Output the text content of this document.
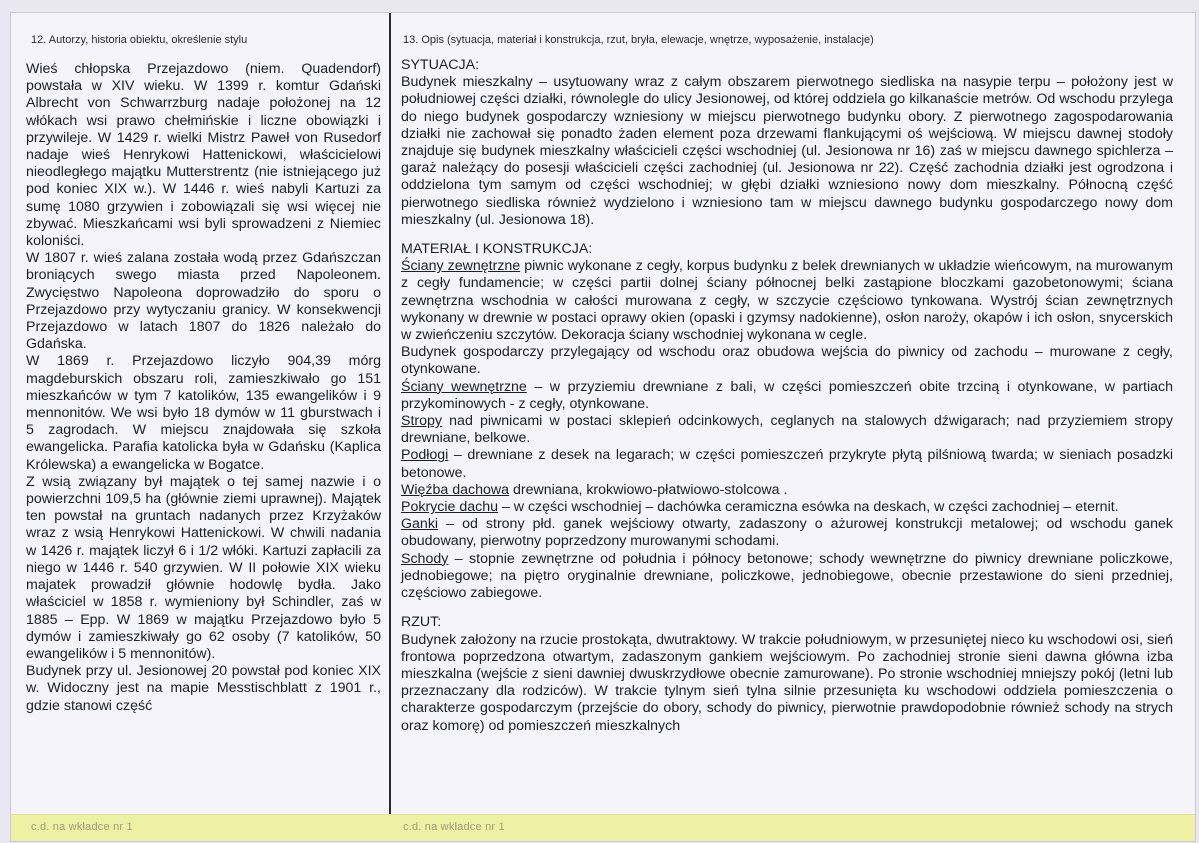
12. Autorzy, historia obiektu, określenie stylu

Wieś chłopska Przejazdowo (niem. Quadendorf) powstała w XIV wieku. W 1399 r. komtur Gdański Albrecht von Schwarrzburg nadaje położonej na 12 włókach wsi prawo chełmińskie i liczne obowiązki i przywileje. W 1429 r. wielki Mistrz Paweł von Rusedorf nadaje wieś Henrykowi Hattenickowi, właścicielowi nieodległego majątku Mutterstrentz (nie istniejącego już pod koniec XIX w.). W 1446 r. wieś nabyli Kartuzi za sumę 1080 grzywien i zobowiązali się wsi więcej nie zbywać. Mieszkańcami wsi byli sprowadzeni z Niemiec koloniści.

W 1807 r. wieś zalana została wodą przez Gdańszczan broniących swego miasta przed Napoleonem. Zwycięstwo Napoleona doprowadziło do sporu o Przejazdowo przy wytyczaniu granicy. W konsekwencji Przejazdowo w latach 1807 do 1826 należało do Gdańska.

W 1869 r. Przejazdowo liczyło 904,39 mórg magdeburskich obszaru roli, zamieszkiwało go 151 mieszkańców w tym 7 katolików, 135 ewangelików i 9 mennonitów. We wsi było 18 dymów w 11 gburstwach i 5 zagrodach. W miejscu znajdowała się szkoła ewangelicka. Parafia katolicka była w Gdańsku (Kaplica Królewska) a ewangelicka w Bogatce.

Z wsią związany był majątek o tej samej nazwie i o powierzchni 109,5 ha (głównie ziemi uprawnej). Majątek ten powstał na gruntach nadanych przez Krzyżaków wraz z wsią Henrykowi Hattenickowi. W chwili nadania w 1426 r. majątek liczył 6 i 1/2 włóki. Kartuzi zapłacili za niego w 1446 r. 540 grzywien. W II połowie XIX wieku majatek prowadził głównie hodowlę bydła. Jako właściciel w 1858 r. wymieniony był Schindler, zaś w 1885 – Epp. W 1869 w majątku Przejazdowo było 5 dymów i zamieszkiwały go 62 osoby (7 katolików, 50 ewangelików i 5 mennonitów).

Budynek przy ul. Jesionowej 20 powstał pod koniec XIX w. Widoczny jest na mapie Messtischblatt z 1901 r., gdzie stanowi część

13. Opis (sytuacja, materiał i konstrukcja, rzut, bryła, elewacje, wnętrze, wyposażenie, instalacje)

SYTUACJA:

Budynek mieszkalny – usytuowany wraz z całym obszarem pierwotnego siedliska na nasypie terpu – położony jest w południowej części działki, równolegle do ulicy Jesionowej, od której oddziela go kilkanaście metrów. Od wschodu przylega do niego budynek gospodarczy wzniesiony w miejscu pierwotnego budynku obory. Z pierwotnego zagospodarowania działki nie zachował się ponadto żaden element poza drzewami flankującymi oś wejściową. W miejscu dawnej stodoły znajduje się budynek mieszkalny właścicieli części wschodniej (ul. Jesionowa nr 16) zaś w miejscu dawnego spichlerza – garaż należący do posesji właścicieli części zachodniej (ul. Jesionowa nr 22). Część zachodnia działki jest ogrodzona i oddzielona tym samym od części wschodniej; w głębi działki wzniesiono nowy dom mieszkalny. Północną część pierwotnego siedliska również wydzielono i wzniesiono tam w miejscu dawnego budynku gospodarczego nowy dom mieszkalny (ul. Jesionowa 18).

MATERIAŁ I KONSTRUKCJA:

Ściany zewnętrzne piwnic wykonane z cegły, korpus budynku z belek drewnianych w układzie wieńcowym, na murowanym z cegły fundamencie; w części partii dolnej ściany północnej belki zastąpione bloczkami gazobetonowymi; ściana zewnętrzna wschodnia w całości murowana z cegły, w szczycie częściowo tynkowana. Wystrój ścian zewnętrznych wykonany w drewnie w postaci oprawy okien (opaski i gzymsy nadokienne), osłon naroży, okapów i ich osłon, snycerskich w zwieńczeniu szczytów. Dekoracja ściany wschodniej wykonana w cegle.

Budynek gospodarczy przylegający od wschodu oraz obudowa wejścia do piwnicy od zachodu – murowane z cegły, otynkowane.

Ściany wewnętrzne – w przyziemiu drewniane z bali, w części pomieszczeń obite trzciną i otynkowane, w partiach przykominowych - z cegły, otynkowane.

Stropy nad piwnicami w postaci sklepień odcinkowych, ceglanych na stalowych dźwigarach; nad przyziemiem stropy drewniane, belkowe.

Podłogi – drewniane z desek na legarach; w części pomieszczeń przykryte płytą pilśniową twarda; w sieniach posadzki betonowe.

Więźba dachowa drewniana, krokwiowo-płatwiowo-stolcowa .

Pokrycie dachu – w części wschodniej – dachówka ceramiczna esówka na deskach, w części zachodniej – eternit.

Ganki – od strony płd. ganek wejściowy otwarty, zadaszony o ażurowej konstrukcji metalowej; od wschodu ganek obudowany, pierwotny poprzedzony murowanymi schodami.

Schody – stopnie zewnętrzne od południa i północy betonowe; schody wewnętrzne do piwnicy drewniane policzkowe, jednobiegowe; na piętro oryginalnie drewniane, policzkowe, jednobiegowe, obecnie przestawione do sieni przedniej, częściowo zabiegowe.

RZUT:

Budynek założony na rzucie prostokąta, dwutraktowy. W trakcie południowym, w przesuniętej nieco ku wschodowi osi, sień frontowa poprzedzona otwartym, zadaszonym gankiem wejściowym. Po zachodniej stronie sieni dawna główna izba mieszkalna (wejście z sieni dawniej dwuskrzydłowe obecnie zamurowane). Po stronie wschodniej mniejszy pokój (letni lub przeznaczany dla rodziców). W trakcie tylnym sień tylna silnie przesunięta ku wschodowi oddziela pomieszczenia o charakterze gospodarczym (przejście do obory, schody do piwnicy, pierwotnie prawdopodobnie również schody na strych oraz komorę) od pomieszczeń mieszkalnych

c.d. na wkładce nr 1	c.d. na wkładce nr 1
